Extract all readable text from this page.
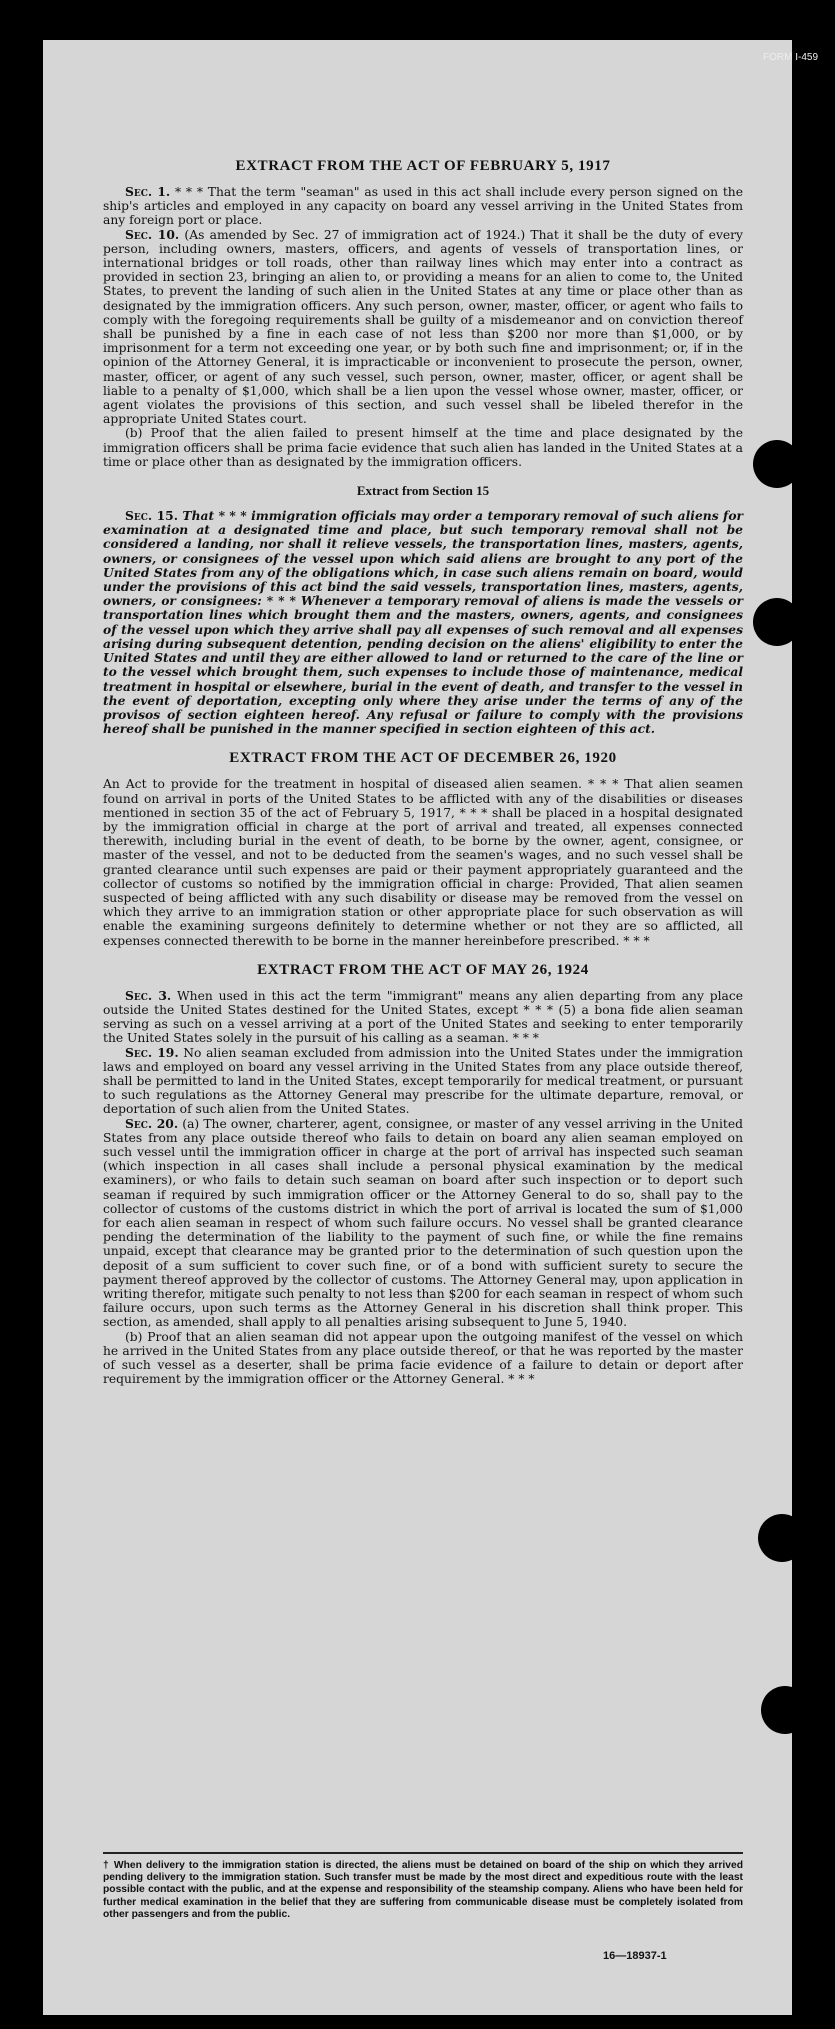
FORM I-459
EXTRACT FROM THE ACT OF FEBRUARY 5, 1917

Sec. 1. * * * That the term "seaman" as used in this act shall include every person signed on the ship's articles and employed in any capacity on board any vessel arriving in the United States from any foreign port or place.

Sec. 10. (As amended by Sec. 27 of immigration act of 1924.) That it shall be the duty of every person, including owners, masters, officers, and agents of vessels of transportation lines, or international bridges or toll roads, other than railway lines which may enter into a contract as provided in section 23, bringing an alien to, or providing a means for an alien to come to, the United States, to prevent the landing of such alien in the United States at any time or place other than as designated by the immigration officers. Any such person, owner, master, officer, or agent who fails to comply with the foregoing requirements shall be guilty of a misdemeanor and on conviction thereof shall be punished by a fine in each case of not less than $200 nor more than $1,000, or by imprisonment for a term not exceeding one year, or by both such fine and imprisonment; or, if in the opinion of the Attorney General, it is impracticable or inconvenient to prosecute the person, owner, master, officer, or agent of any such vessel, such person, owner, master, officer, or agent shall be liable to a penalty of $1,000, which shall be a lien upon the vessel whose owner, master, officer, or agent violates the provisions of this section, and such vessel shall be libeled therefor in the appropriate United States court.

(b) Proof that the alien failed to present himself at the time and place designated by the immigration officers shall be prima facie evidence that such alien has landed in the United States at a time or place other than as designated by the immigration officers.

Extract from Section 15

Sec. 15. That * * * immigration officials may order a temporary removal of such aliens for examination at a designated time and place, but such temporary removal shall not be considered a landing, nor shall it relieve vessels, the transportation lines, masters, agents, owners, or consignees of the vessel upon which said aliens are brought to any port of the United States from any of the obligations which, in case such aliens remain on board, would under the provisions of this act bind the said vessels, transportation lines, masters, agents, owners, or consignees: * * * Whenever a temporary removal of aliens is made the vessels or transportation lines which brought them and the masters, owners, agents, and consignees of the vessel upon which they arrive shall pay all expenses of such removal and all expenses arising during subsequent detention, pending decision on the aliens' eligibility to enter the United States and until they are either allowed to land or returned to the care of the line or to the vessel which brought them, such expenses to include those of maintenance, medical treatment in hospital or elsewhere, burial in the event of death, and transfer to the vessel in the event of deportation, excepting only where they arise under the terms of any of the provisos of section eighteen hereof. Any refusal or failure to comply with the provisions hereof shall be punished in the manner specified in section eighteen of this act.

EXTRACT FROM THE ACT OF DECEMBER 26, 1920

An Act to provide for the treatment in hospital of diseased alien seamen. * * * That alien seamen found on arrival in ports of the United States to be afflicted with any of the disabilities or diseases mentioned in section 35 of the act of February 5, 1917, * * * shall be placed in a hospital designated by the immigration official in charge at the port of arrival and treated, all expenses connected therewith, including burial in the event of death, to be borne by the owner, agent, consignee, or master of the vessel, and not to be deducted from the seamen's wages, and no such vessel shall be granted clearance until such expenses are paid or their payment appropriately guaranteed and the collector of customs so notified by the immigration official in charge: Provided, That alien seamen suspected of being afflicted with any such disability or disease may be removed from the vessel on which they arrive to an immigration station or other appropriate place for such observation as will enable the examining surgeons definitely to determine whether or not they are so afflicted, all expenses connected therewith to be borne in the manner hereinbefore prescribed. * * *

EXTRACT FROM THE ACT OF MAY 26, 1924

Sec. 3. When used in this act the term "immigrant" means any alien departing from any place outside the United States destined for the United States, except * * * (5) a bona fide alien seaman serving as such on a vessel arriving at a port of the United States and seeking to enter temporarily the United States solely in the pursuit of his calling as a seaman. * * *

Sec. 19. No alien seaman excluded from admission into the United States under the immigration laws and employed on board any vessel arriving in the United States from any place outside thereof, shall be permitted to land in the United States, except temporarily for medical treatment, or pursuant to such regulations as the Attorney General may prescribe for the ultimate departure, removal, or deportation of such alien from the United States.

Sec. 20. (a) The owner, charterer, agent, consignee, or master of any vessel arriving in the United States from any place outside thereof who fails to detain on board any alien seaman employed on such vessel until the immigration officer in charge at the port of arrival has inspected such seaman (which inspection in all cases shall include a personal physical examination by the medical examiners), or who fails to detain such seaman on board after such inspection or to deport such seaman if required by such immigration officer or the Attorney General to do so, shall pay to the collector of customs of the customs district in which the port of arrival is located the sum of $1,000 for each alien seaman in respect of whom such failure occurs. No vessel shall be granted clearance pending the determination of the liability to the payment of such fine, or while the fine remains unpaid, except that clearance may be granted prior to the determination of such question upon the deposit of a sum sufficient to cover such fine, or of a bond with sufficient surety to secure the payment thereof approved by the collector of customs. The Attorney General may, upon application in writing therefor, mitigate such penalty to not less than $200 for each seaman in respect of whom such failure occurs, upon such terms as the Attorney General in his discretion shall think proper. This section, as amended, shall apply to all penalties arising subsequent to June 5, 1940.

(b) Proof that an alien seaman did not appear upon the outgoing manifest of the vessel on which he arrived in the United States from any place outside thereof, or that he was reported by the master of such vessel as a deserter, shall be prima facie evidence of a failure to detain or deport after requirement by the immigration officer or the Attorney General. * * *

† When delivery to the immigration station is directed, the aliens must be detained on board of the ship on which they arrived pending delivery to the immigration station. Such transfer must be made by the most direct and expeditious route with the least possible contact with the public, and at the expense and responsibility of the steamship company. Aliens who have been held for further medical examination in the belief that they are suffering from communicable disease must be completely isolated from other passengers and from the public.
16—18937-1
